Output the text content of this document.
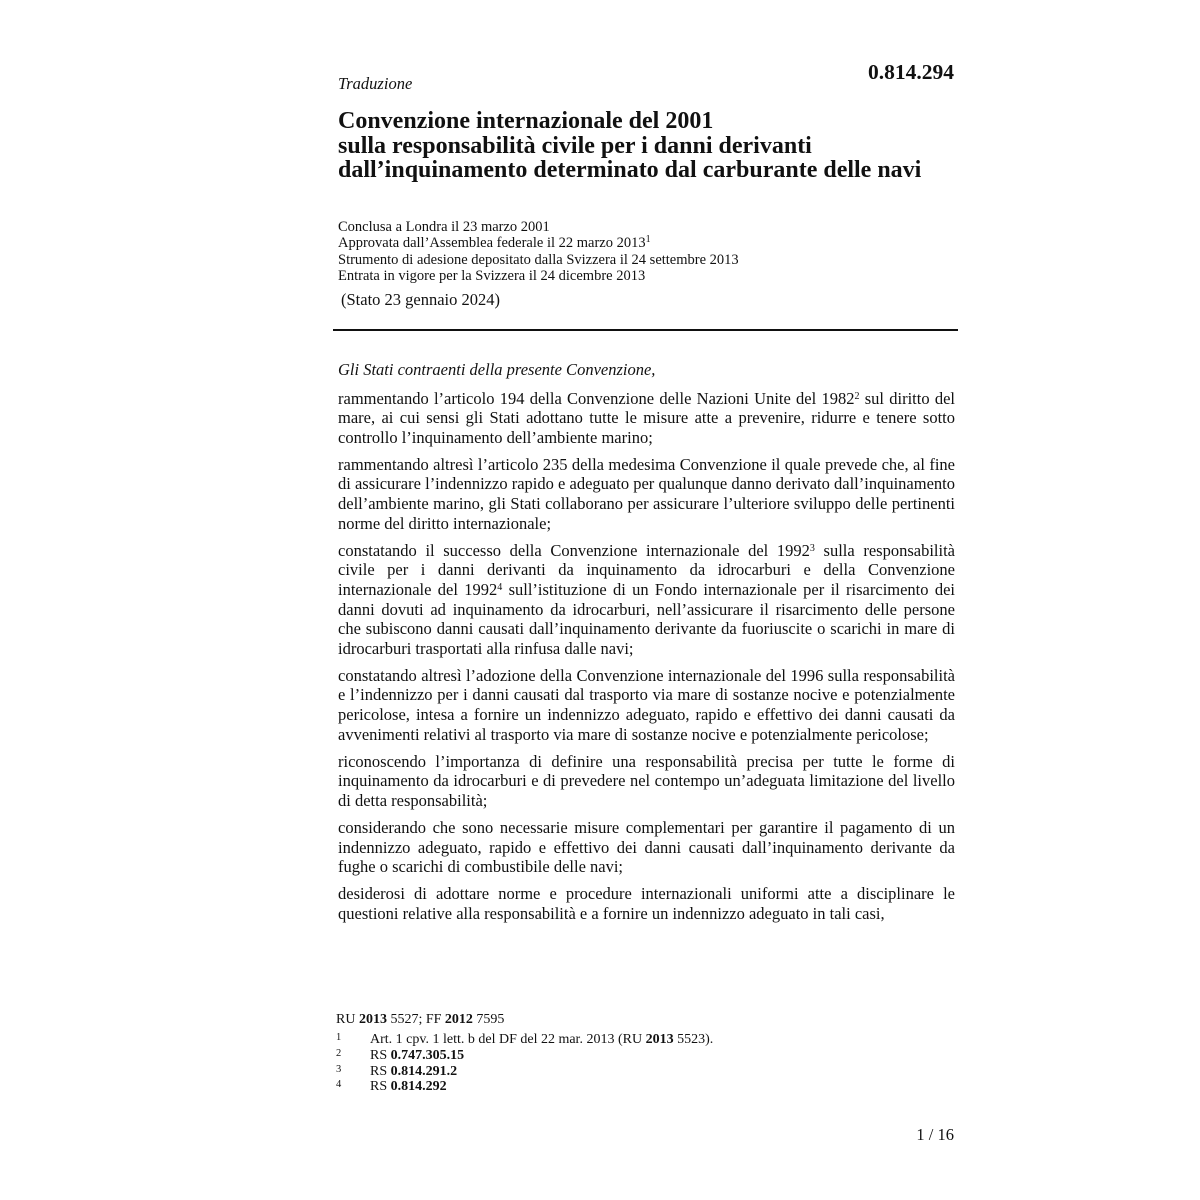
Traduzione	0.814.294
Convenzione internazionale del 2001
sulla responsabilità civile per i danni derivanti
dall’inquinamento determinato dal carburante delle navi
Conclusa a Londra il 23 marzo 2001
Approvata dall’Assemblea federale il 22 marzo 2013$^1$
Strumento di adesione depositato dalla Svizzera il 24 settembre 2013
Entrata in vigore per la Svizzera il 24 dicembre 2013
(Stato 23 gennaio 2024)

Gli Stati contraenti della presente Convenzione,

rammentando l’articolo 194 della Convenzione delle Nazioni Unite del 1982$^2$ sul diritto del mare, ai cui sensi gli Stati adottano tutte le misure atte a prevenire, ridurre e tenere sotto controllo l’inquinamento dell’ambiente marino;

rammentando altresì l’articolo 235 della medesima Convenzione il quale prevede che, al fine di assicurare l’indennizzo rapido e adeguato per qualunque danno derivato dall’inquinamento dell’ambiente marino, gli Stati collaborano per assicurare l’ulteriore sviluppo delle pertinenti norme del diritto internazionale;

constatando il successo della Convenzione internazionale del 1992$^3$ sulla responsabilità civile per i danni derivanti da inquinamento da idrocarburi e della Convenzione internazionale del 1992$^4$ sull’istituzione di un Fondo internazionale per il risarcimento dei danni dovuti ad inquinamento da idrocarburi, nell’assicurare il risarcimento delle persone che subiscono danni causati dall’inquinamento derivante da fuoriuscite o scarichi in mare di idrocarburi trasportati alla rinfusa dalle navi;

constatando altresì l’adozione della Convenzione internazionale del 1996 sulla responsabilità e l’indennizzo per i danni causati dal trasporto via mare di sostanze nocive e potenzialmente pericolose, intesa a fornire un indennizzo adeguato, rapido e effettivo dei danni causati da avvenimenti relativi al trasporto via mare di sostanze nocive e potenzialmente pericolose;

riconoscendo l’importanza di definire una responsabilità precisa per tutte le forme di inquinamento da idrocarburi e di prevedere nel contempo un’adeguata limitazione del livello di detta responsabilità;

considerando che sono necessarie misure complementari per garantire il pagamento di un indennizzo adeguato, rapido e effettivo dei danni causati dall’inquinamento derivante da fughe o scarichi di combustibile delle navi;

desiderosi di adottare norme e procedure internazionali uniformi atte a disciplinare le questioni relative alla responsabilità e a fornire un indennizzo adeguato in tali casi,

RU 2013 5527; FF 2012 7595
1	Art. 1 cpv. 1 lett. b del DF del 22 mar. 2013 (RU 2013 5523).
2	RS 0.747.305.15
3	RS 0.814.291.2
4	RS 0.814.292
1 / 16
